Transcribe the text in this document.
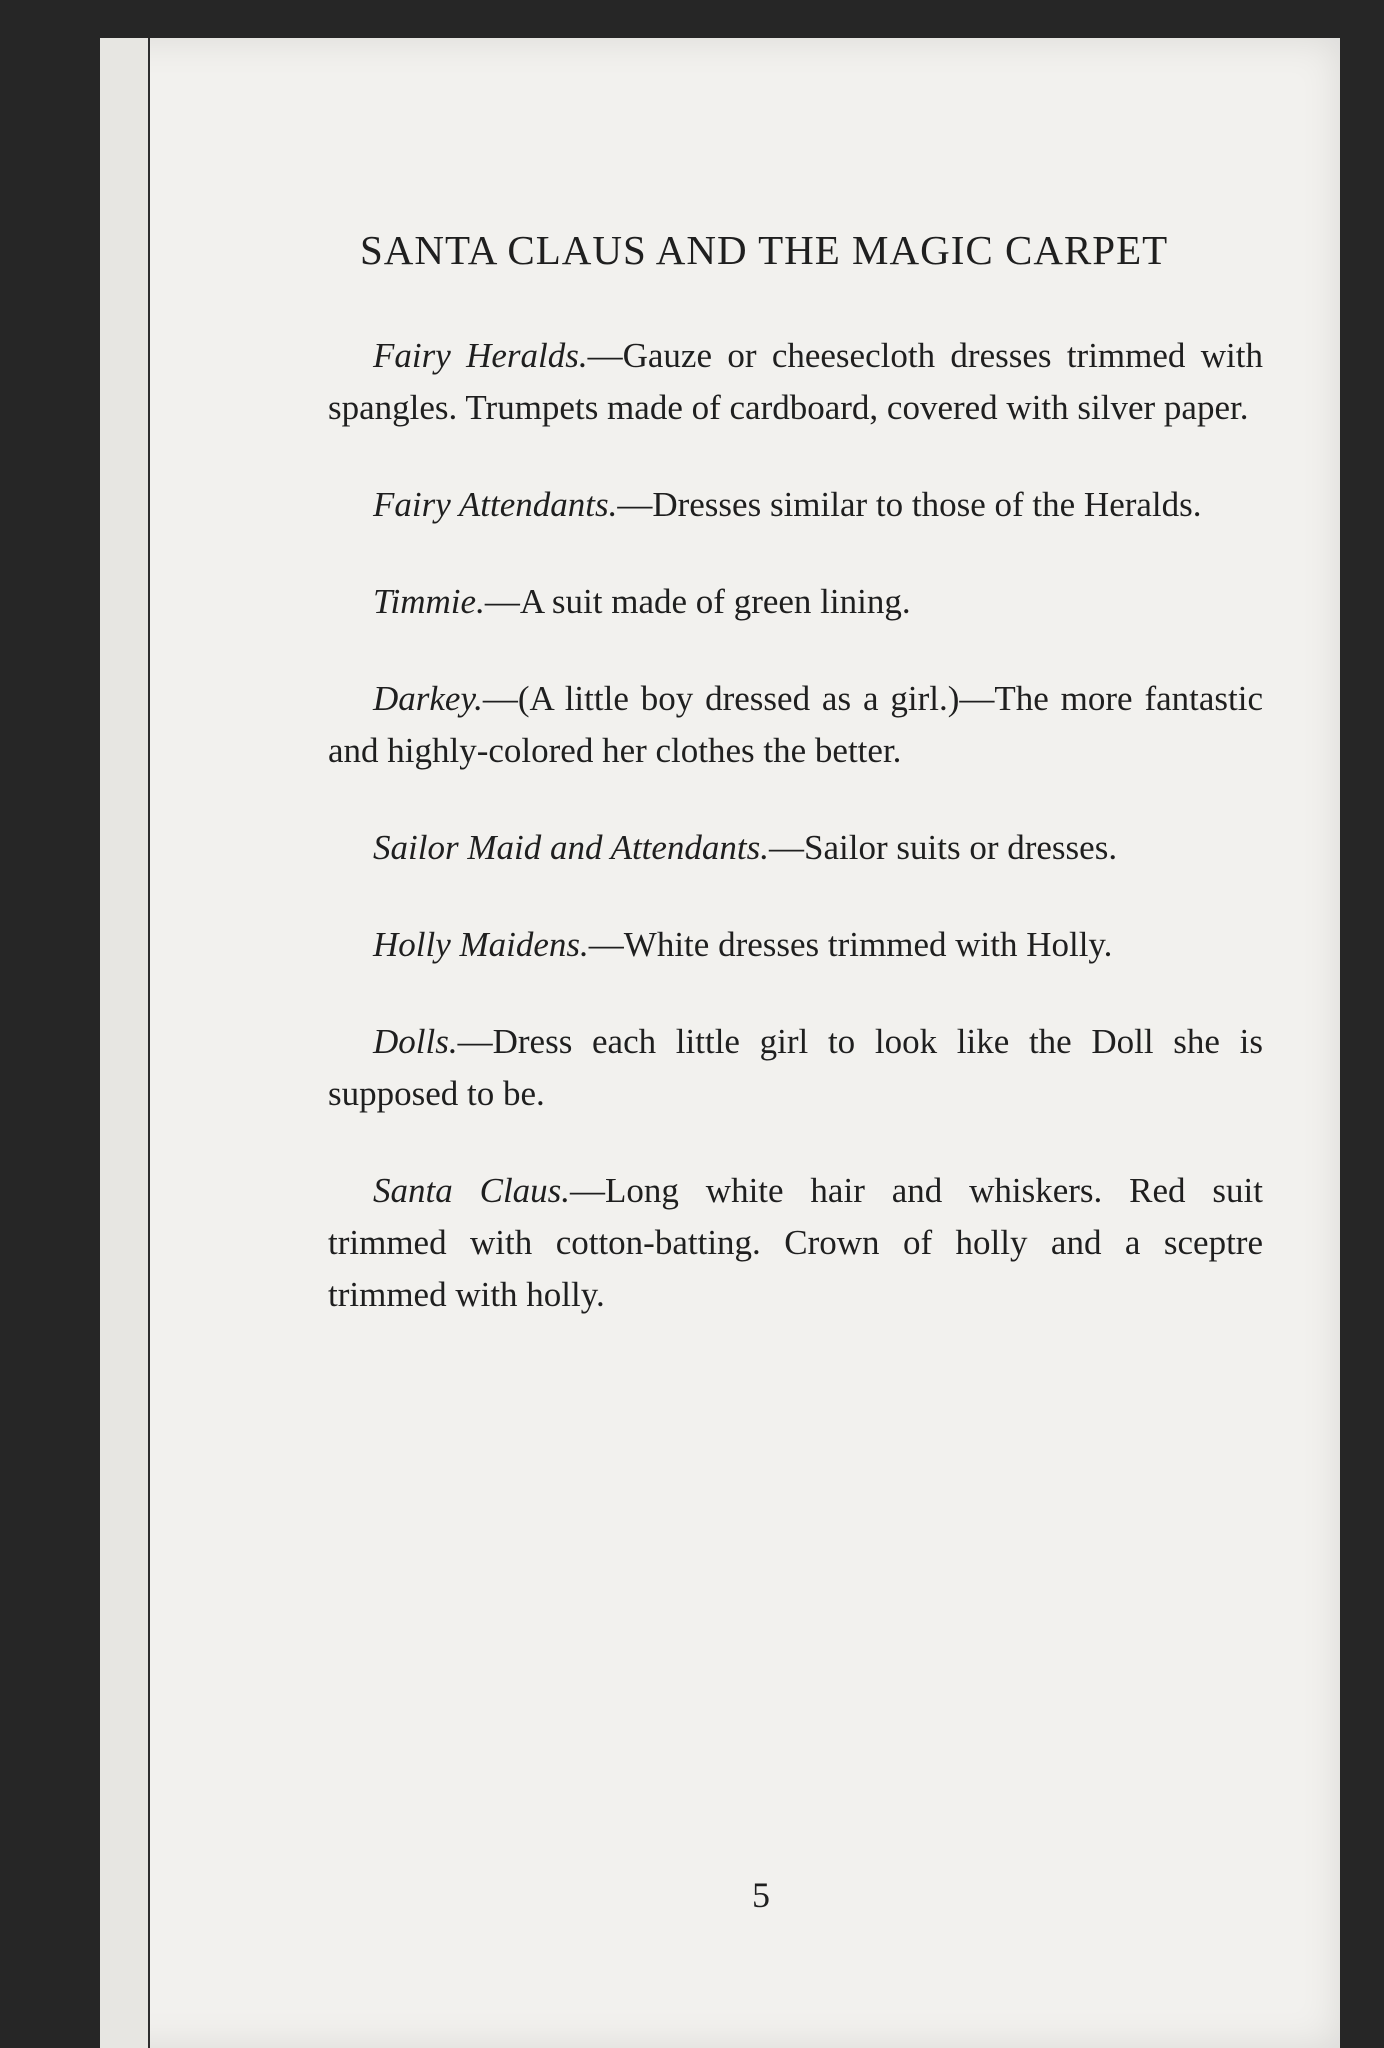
SANTA CLAUS AND THE MAGIC CARPET

Fairy Heralds.—Gauze or cheesecloth dresses trimmed with spangles. Trumpets made of cardboard, covered with silver paper.

Fairy Attendants.—Dresses similar to those of the Heralds.

Timmie.—A suit made of green lining.

Darkey.—(A little boy dressed as a girl.)—The more fantastic and highly-colored her clothes the better.

Sailor Maid and Attendants.—Sailor suits or dresses.

Holly Maidens.—White dresses trimmed with Holly.

Dolls.—Dress each little girl to look like the Doll she is supposed to be.

Santa Claus.—Long white hair and whiskers. Red suit trimmed with cotton-batting. Crown of holly and a sceptre trimmed with holly.

5
